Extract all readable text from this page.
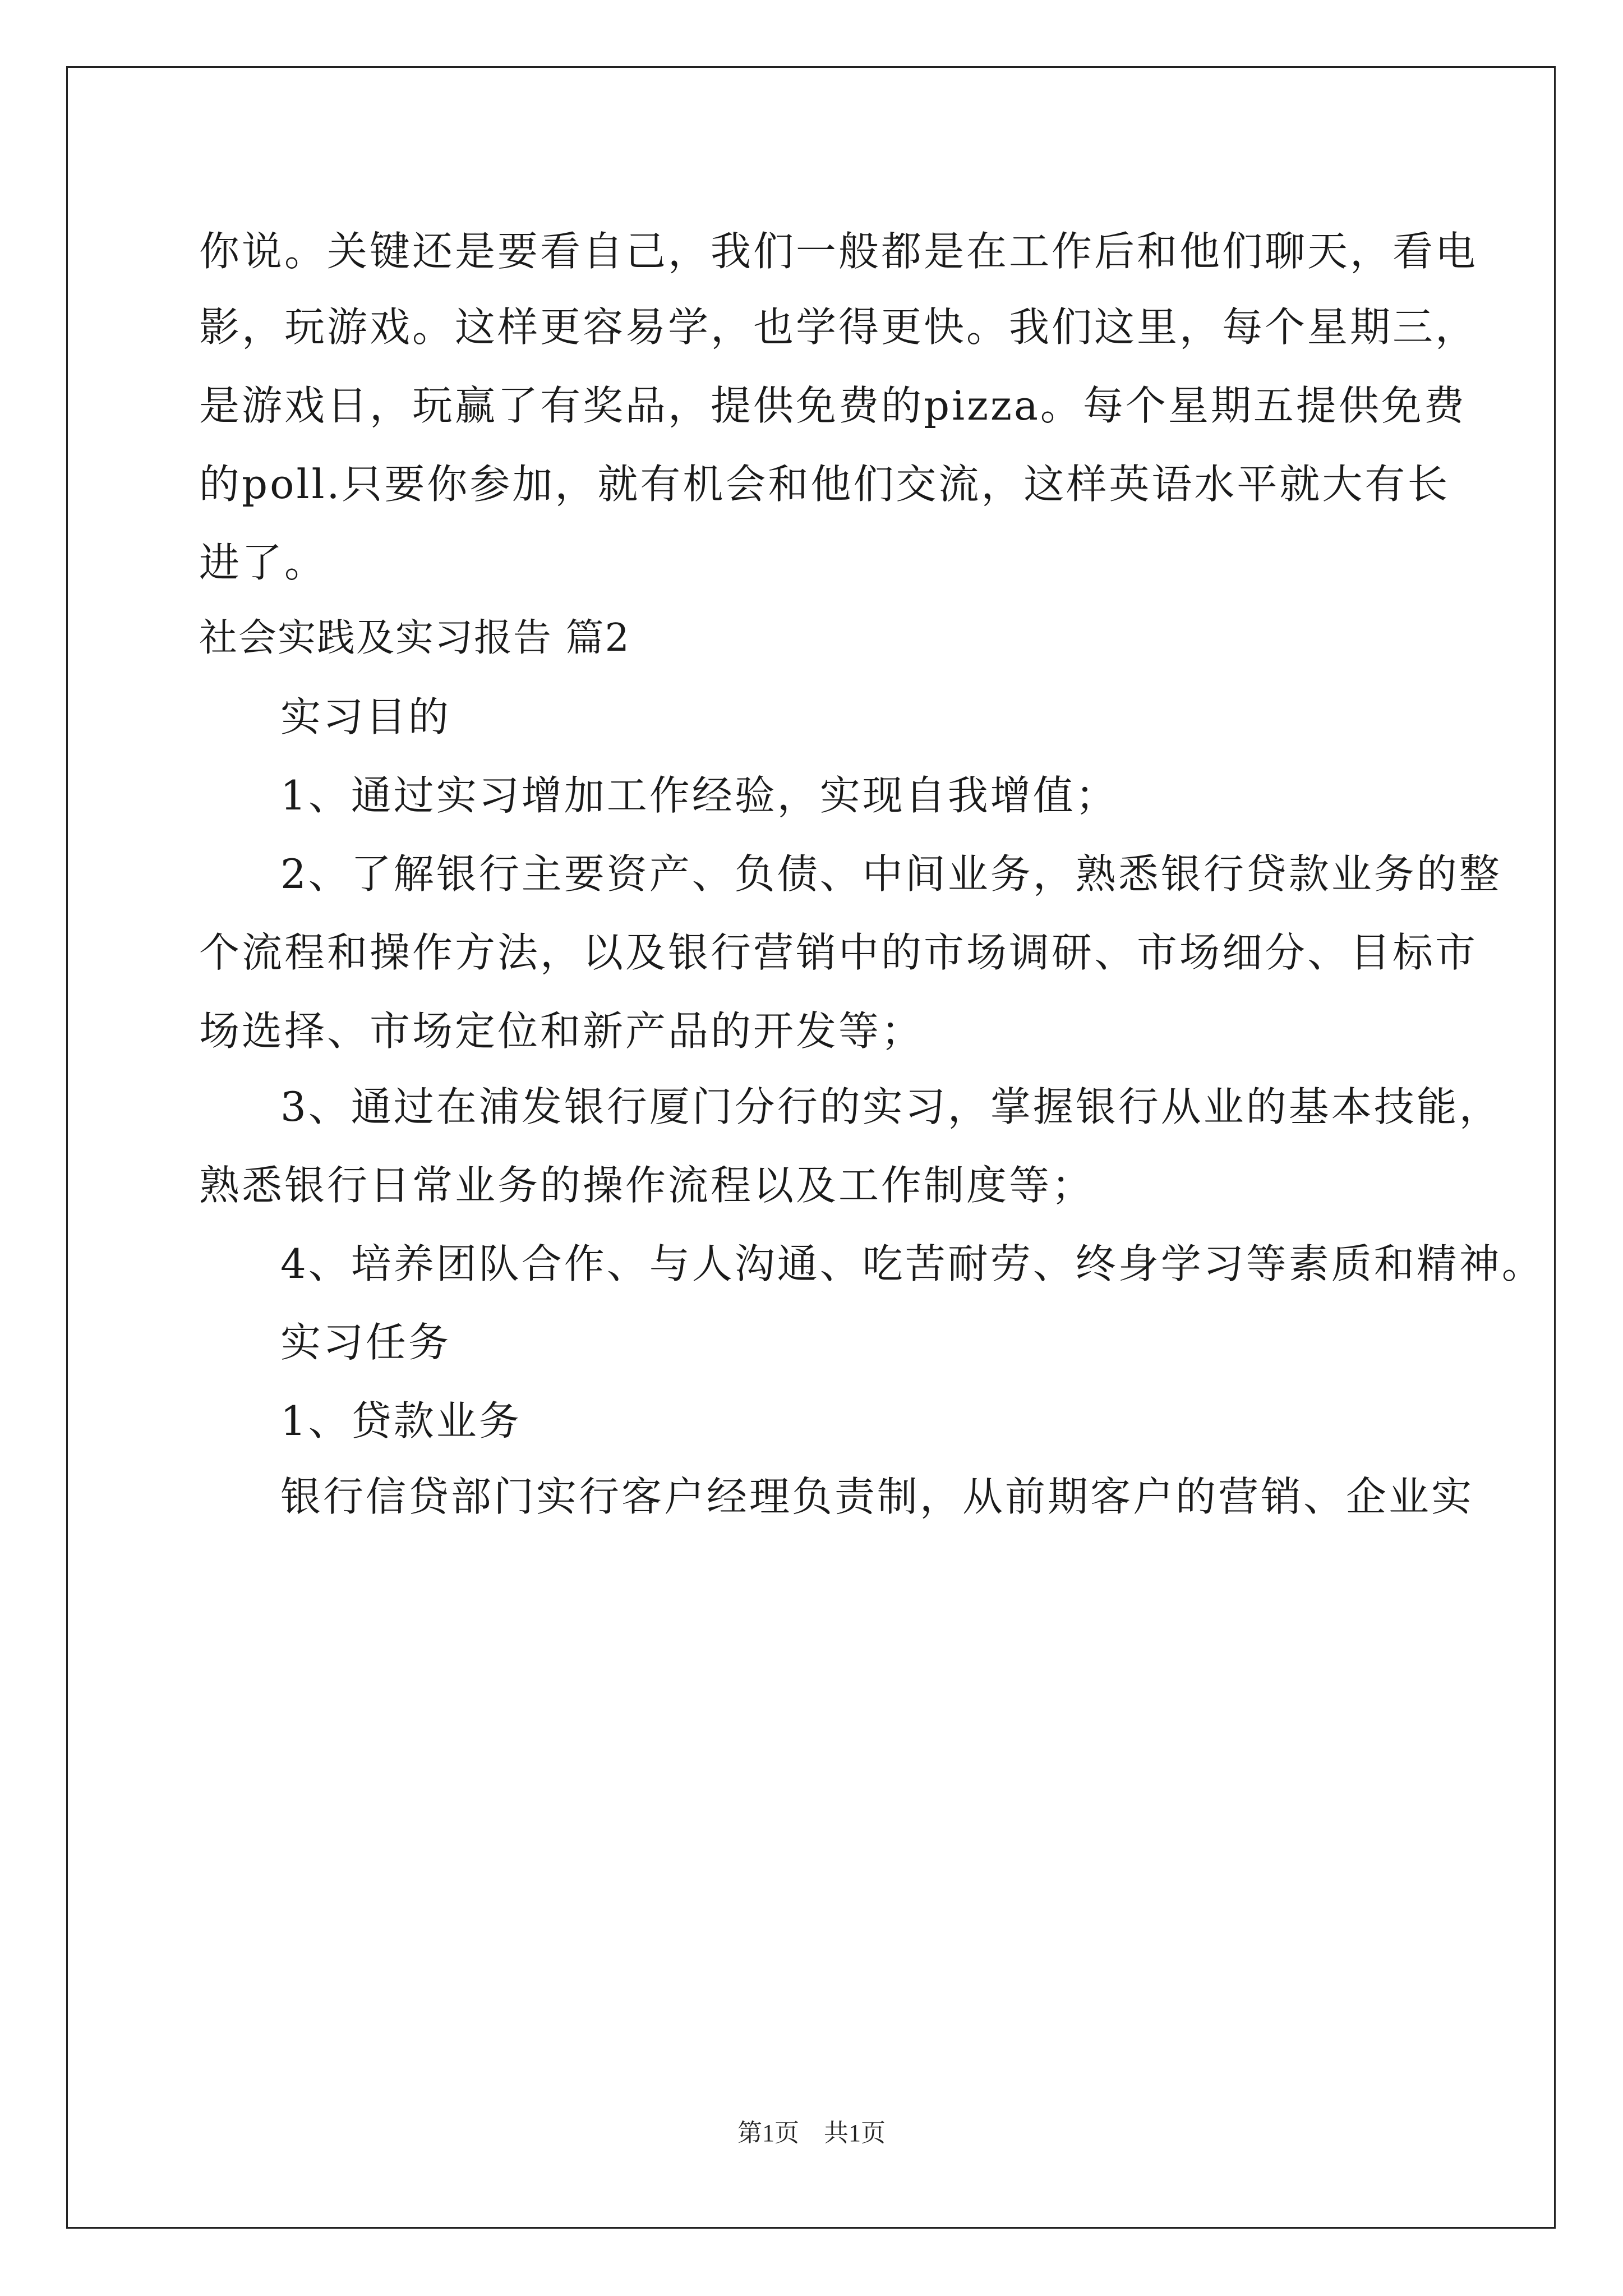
你说。关键还是要看自己，我们一般都是在工作后和他们聊天，看电
影，玩游戏。这样更容易学，也学得更快。我们这里，每个星期三，
是游戏日，玩赢了有奖品，提供免费的pizza。每个星期五提供免费
的poll.只要你参加，就有机会和他们交流，这样英语水平就大有长
进了。
社会实践及实习报告 篇2
实习目的
1、通过实习增加工作经验，实现自我增值；
2、了解银行主要资产、负债、中间业务，熟悉银行贷款业务的整
个流程和操作方法，以及银行营销中的市场调研、市场细分、目标市
场选择、市场定位和新产品的开发等；
3、通过在浦发银行厦门分行的实习，掌握银行从业的基本技能，
熟悉银行日常业务的操作流程以及工作制度等；
4、培养团队合作、与人沟通、吃苦耐劳、终身学习等素质和精神。
实习任务
1、贷款业务
银行信贷部门实行客户经理负责制，从前期客户的营销、企业实
第1页　共1页
